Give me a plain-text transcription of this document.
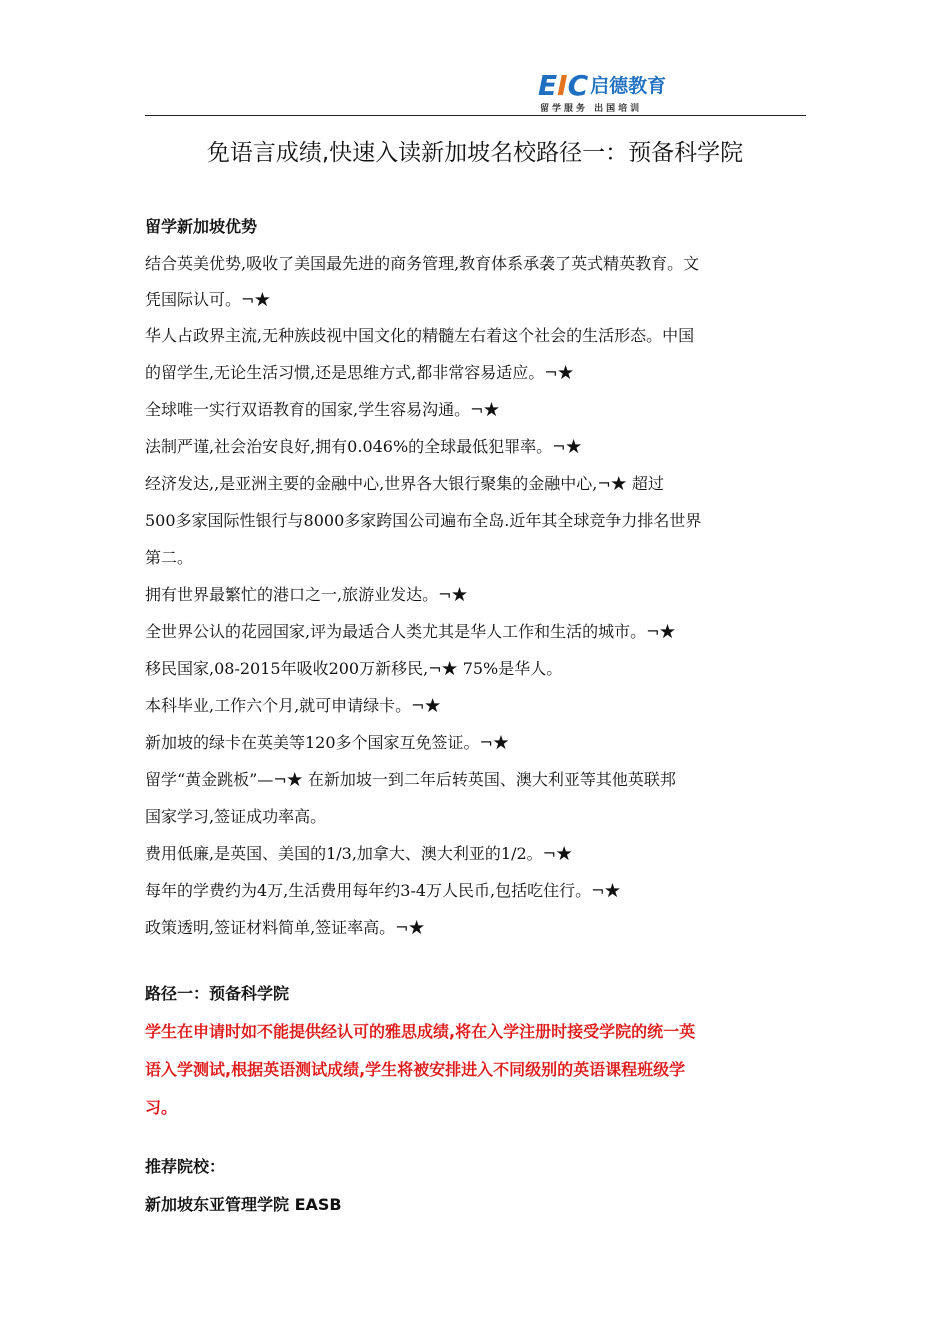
EIC 启德教育
留学服务 出国培训
免语言成绩,快速入读新加坡名校路径一：预备科学院
留学新加坡优势
结合英美优势,吸收了美国最先进的商务管理,教育体系承袭了英式精英教育。文
凭国际认可。¬★
华人占政界主流,无种族歧视中国文化的精髓左右着这个社会的生活形态。中国
的留学生,无论生活习惯,还是思维方式,都非常容易适应。¬★
全球唯一实行双语教育的国家,学生容易沟通。¬★
法制严谨,社会治安良好,拥有0.046%的全球最低犯罪率。¬★
经济发达,,是亚洲主要的金融中心,世界各大银行聚集的金融中心,¬★ 超过
500多家国际性银行与8000多家跨国公司遍布全岛.近年其全球竞争力排名世界
第二。
拥有世界最繁忙的港口之一,旅游业发达。¬★
全世界公认的花园国家,评为最适合人类尤其是华人工作和生活的城市。¬★
移民国家,08-2015年吸收200万新移民,¬★ 75%是华人。
本科毕业,工作六个月,就可申请绿卡。¬★
新加坡的绿卡在英美等120多个国家互免签证。¬★
留学“黄金跳板”—¬★ 在新加坡一到二年后转英国、澳大利亚等其他英联邦
国家学习,签证成功率高。
费用低廉,是英国、美国的1/3,加拿大、澳大利亚的1/2。¬★
每年的学费约为4万,生活费用每年约3-4万人民币,包括吃住行。¬★
政策透明,签证材料简单,签证率高。¬★
路径一：预备科学院
学生在申请时如不能提供经认可的雅思成绩,将在入学注册时接受学院的统一英
语入学测试,根据英语测试成绩,学生将被安排进入不同级别的英语课程班级学
习。
推荐院校：
新加坡东亚管理学院 EASB
